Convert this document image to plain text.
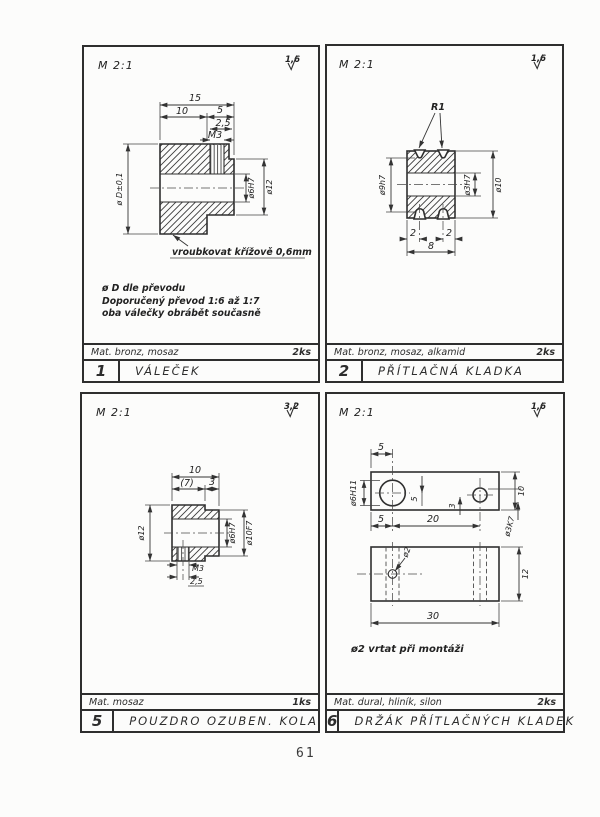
M 2:1	1,6
15
10	5
2,5
M3
ø D±0,1	ø6H7 ø12
vroubkovat křížově 0,6mm
ø D dle převodu
Doporučený převod 1:6 až 1:7
oba válečky obrábět současně
Mat. bronz, mosaz	2ks
1	VÁLEČEK
M 2:1	1,6
R1
ø9h7	ø3H7	ø10
2	2
8
Mat. bronz, mosaz, alkamid	2ks
2	PŘÍTLAČNÁ KLADKA
M 2:1	3,2
10
(7) 3
ø12	ø6H7 ø10F7
M3
2,5
Mat. mosaz	1ks
5	POUZDRO OZUBEN. KOLA
M 2:1	1,6
5
ø6H11	5
3
10
ø3K7
5	20
ø2
12
30
ø2 vrtat při montáži
Mat. dural, hliník, silon	2ks
6	DRŽÁK PŘÍTLAČNÝCH KLADEK
61
